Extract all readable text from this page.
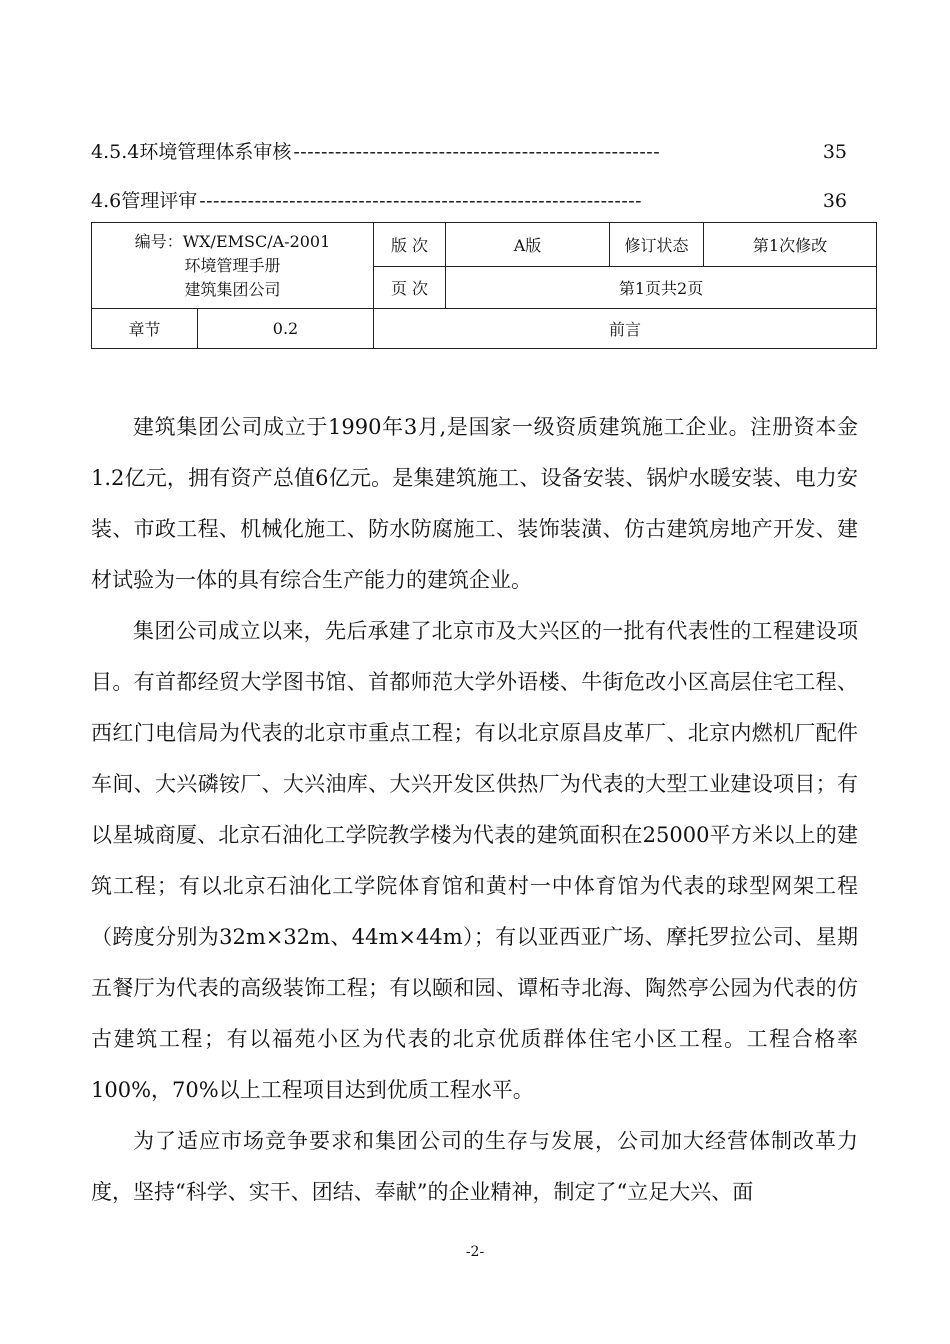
4.5.4环境管理体系审核 -----------------------------------------------------	35
4.6管理评审 ----------------------------------------------------------------	36
编号：WX/EMSC/A-2001
环境管理手册
建筑集团公司		版 次	A版	修订状态	第1次修改
		页 次	第1页共2页		
章节	0.2	前言			

建筑集团公司成立于1990年3月,是国家一级资质建筑施工企业。注册资本金1.2亿元，拥有资产总值6亿元。是集建筑施工、设备安装、锅炉水暖安装、电力安装、市政工程、机械化施工、防水防腐施工、装饰装潢、仿古建筑房地产开发、建材试验为一体的具有综合生产能力的建筑企业。

集团公司成立以来，先后承建了北京市及大兴区的一批有代表性的工程建设项目。有首都经贸大学图书馆、首都师范大学外语楼、牛街危改小区高层住宅工程、西红门电信局为代表的北京市重点工程；有以北京原昌皮革厂、北京内燃机厂配件车间、大兴磷铵厂、大兴油库、大兴开发区供热厂为代表的大型工业建设项目；有以星城商厦、北京石油化工学院教学楼为代表的建筑面积在25000平方米以上的建筑工程；有以北京石油化工学院体育馆和黄村一中体育馆为代表的球型网架工程（跨度分别为32m×32m、44m×44m）；有以亚西亚广场、摩托罗拉公司、星期五餐厅为代表的高级装饰工程；有以颐和园、谭柘寺北海、陶然亭公园为代表的仿古建筑工程；有以福苑小区为代表的北京优质群体住宅小区工程。工程合格率100%，70%以上工程项目达到优质工程水平。

为了适应市场竞争要求和集团公司的生存与发展，公司加大经营体制改革力度，坚持“科学、实干、团结、奉献”的企业精神，制定了“立足大兴、面

-2-
